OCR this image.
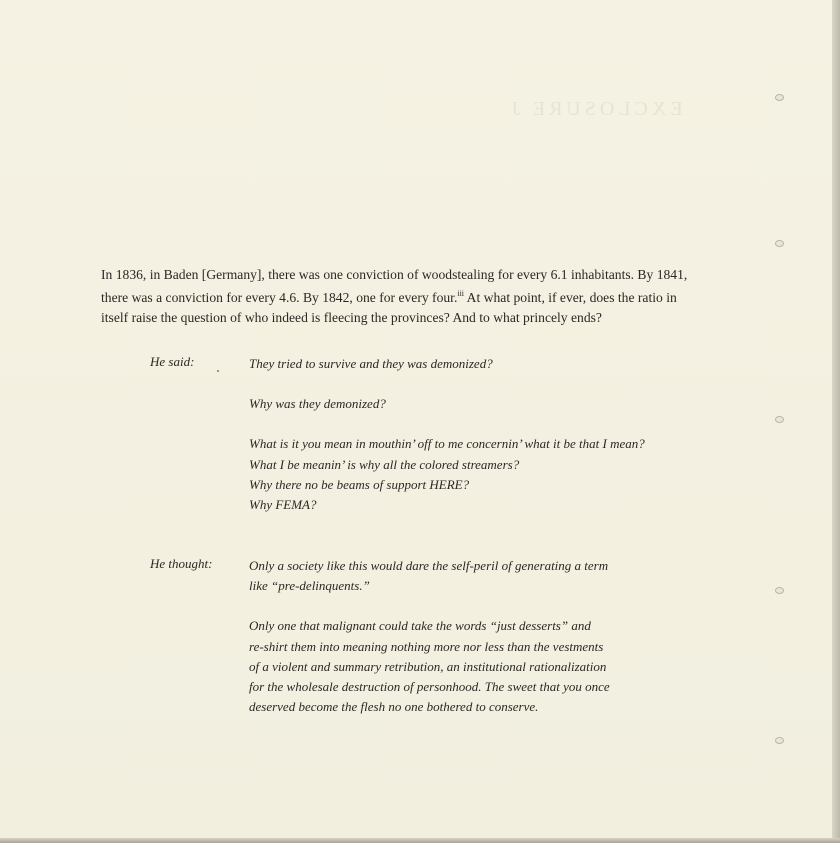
EXCLOSURE J

In 1836, in Baden [Germany], there was one conviction of woodstealing for every 6.1 inhabitants. By 1841, there was a conviction for every 4.6. By 1842, one for every four.$^{iii}$ At what point, if ever, does the ratio in itself raise the question of who indeed is fleecing the provinces? And to what princely ends?

He said:	They tried to survive and they was demonized?
Why was they demonized?
What is it you mean in mouthin’ off to me concernin’ what it be that I mean?
What I be meanin’ is why all the colored streamers?
Why there no be beams of support HERE?
Why FEMA?
He thought:	Only a society like this would dare the self-peril of generating a term
like “pre-delinquents.”
Only one that malignant could take the words “just desserts” and
re-shirt them into meaning nothing more nor less than the vestments
of a violent and summary retribution, an institutional rationalization
for the wholesale destruction of personhood. The sweet that you once
deserved become the flesh no one bothered to conserve.
